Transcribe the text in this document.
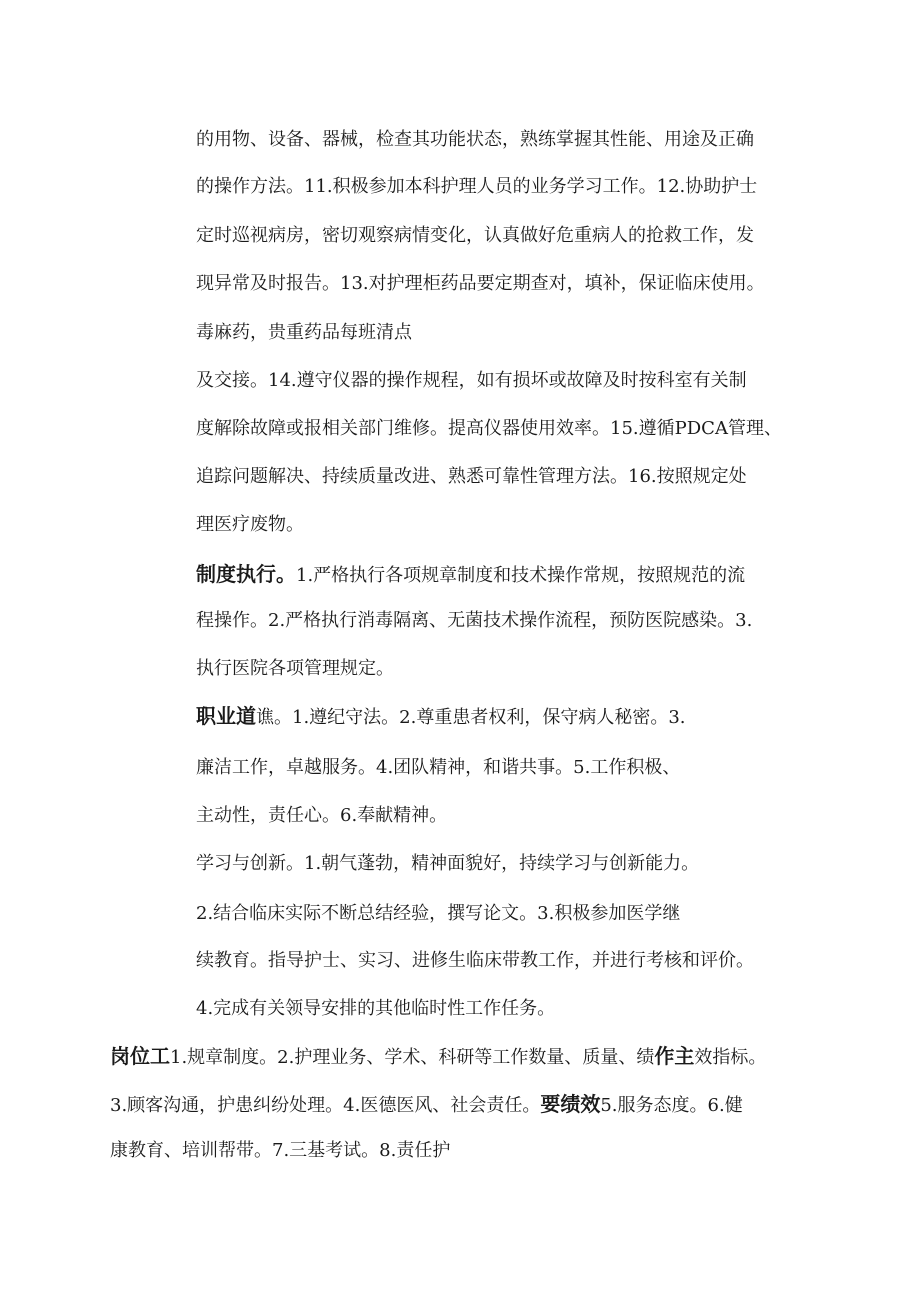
的用物、设备、器械，检查其功能状态，熟练掌握其性能、用途及正确
的操作方法。11.积极参加本科护理人员的业务学习工作。12.协助护士
定时巡视病房，密切观察病情变化，认真做好危重病人的抢救工作，发
现异常及时报告。13.对护理柜药品要定期查对，填补，保证临床使用。
毒麻药，贵重药品每班清点
及交接。14.遵守仪器的操作规程，如有损坏或故障及时按科室有关制
度解除故障或报相关部门维修。提高仪器使用效率。15.遵循PDCA管理、
追踪问题解决、持续质量改进、熟悉可靠性管理方法。16.按照规定处
理医疗废物。
制度执行。1.严格执行各项规章制度和技术操作常规，按照规范的流
程操作。2.严格执行消毒隔离、无菌技术操作流程，预防医院感染。3.
执行医院各项管理规定。
职业道谯。1.遵纪守法。2.尊重患者权利，保守病人秘密。3.
廉洁工作，卓越服务。4.团队精神，和谐共事。5.工作积极、
主动性，责任心。6.奉献精神。
学习与创新。1.朝气蓬勃，精神面貌好，持续学习与创新能力。
2.结合临床实际不断总结经验，撰写论文。3.积极参加医学继
续教育。指导护士、实习、进修生临床带教工作，并进行考核和评价。
4.完成有关领导安排的其他临时性工作任务。
岗位工1.规章制度。2.护理业务、学术、科研等工作数量、质量、绩作主效指标。
3.顾客沟通，护患纠纷处理。4.医德医风、社会责任。要绩效5.服务态度。6.健
康教育、培训帮带。7.三基考试。8.责任护
